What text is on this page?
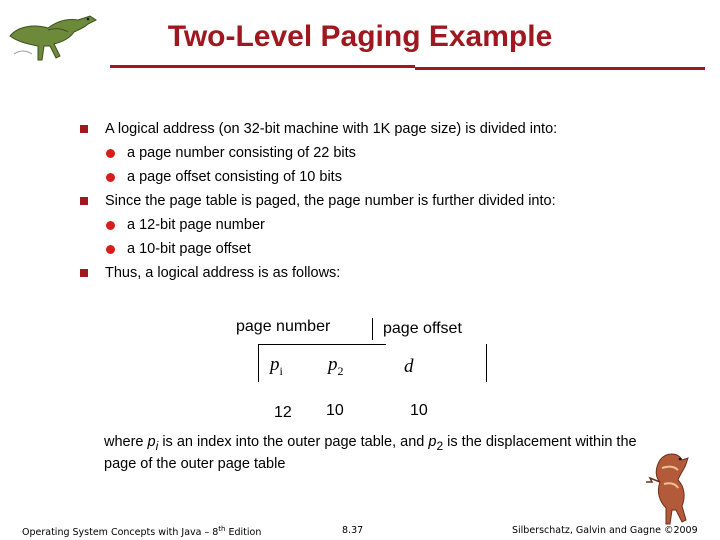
Two-Level Paging Example
A logical address (on 32-bit machine with 1K page size) is divided into:
a page number consisting of 22 bits
a page offset consisting of 10 bits
Since the page table is paged, the page number is further divided into:
a 12-bit page number
a 10-bit page offset
Thus, a logical address is as follows:
page number	page offset
$p_i$ $p_2$	d
12 10	10
where $p_i$ is an index into the outer page table, and $p_2$ is the displacement within the page of the outer page table
Operating System Concepts with Java – 8th Edition	8.37	Silberschatz, Galvin and Gagne ©2009
